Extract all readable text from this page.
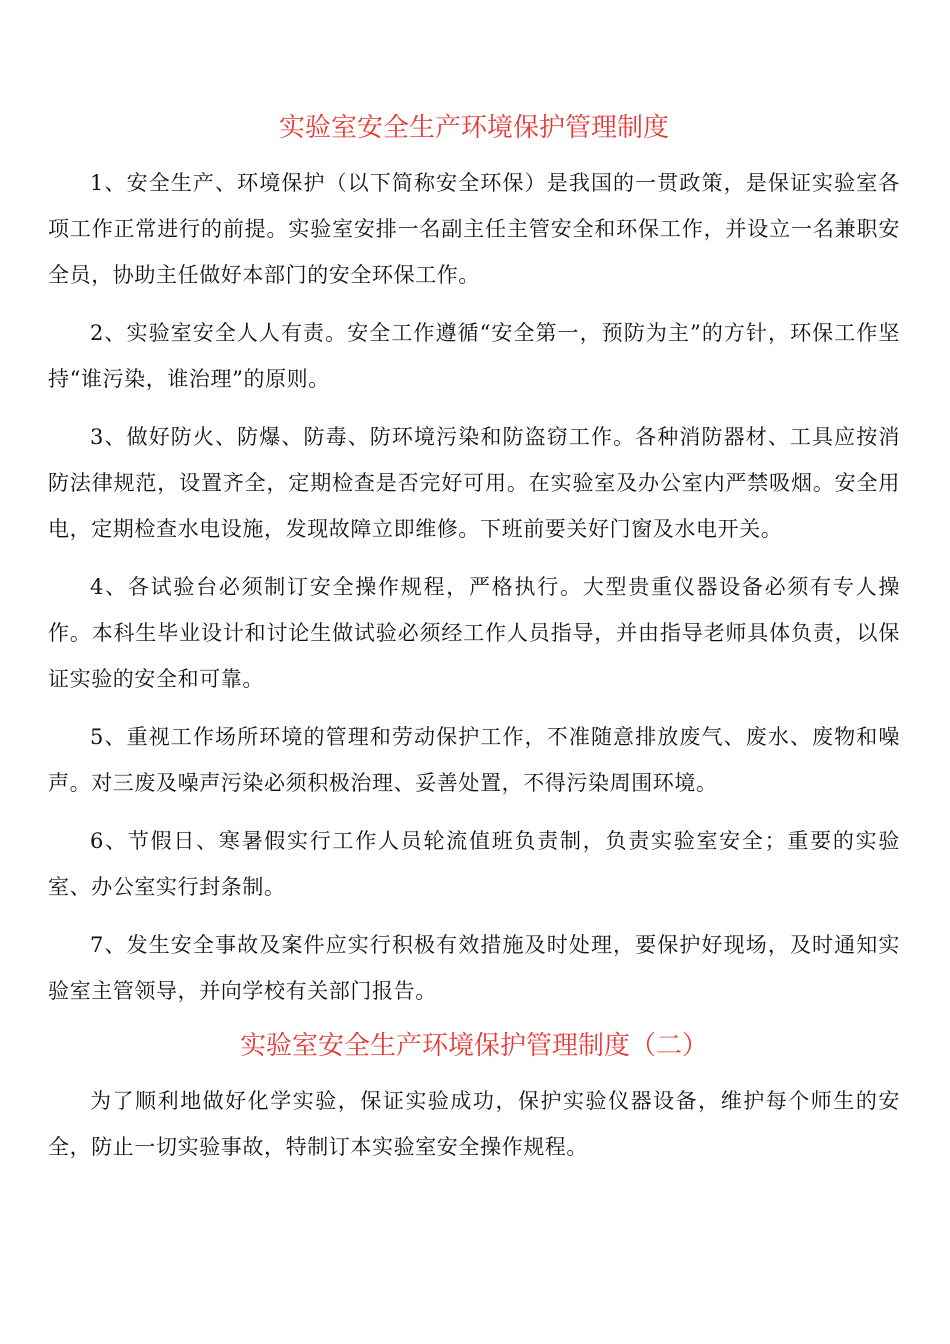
实验室安全生产环境保护管理制度

1、安全生产、环境保护（以下简称安全环保）是我国的一贯政策，是保证实验室各项工作正常进行的前提。实验室安排一名副主任主管安全和环保工作，并设立一名兼职安全员，协助主任做好本部门的安全环保工作。

2、实验室安全人人有责。安全工作遵循“安全第一，预防为主”的方针，环保工作坚持“谁污染，谁治理”的原则。

3、做好防火、防爆、防毒、防环境污染和防盗窃工作。各种消防器材、工具应按消防法律规范，设置齐全，定期检查是否完好可用。在实验室及办公室内严禁吸烟。安全用电，定期检查水电设施，发现故障立即维修。下班前要关好门窗及水电开关。

4、各试验台必须制订安全操作规程，严格执行。大型贵重仪器设备必须有专人操作。本科生毕业设计和讨论生做试验必须经工作人员指导，并由指导老师具体负责，以保证实验的安全和可靠。

5、重视工作场所环境的管理和劳动保护工作，不准随意排放废气、废水、废物和噪声。对三废及噪声污染必须积极治理、妥善处置，不得污染周围环境。

6、节假日、寒暑假实行工作人员轮流值班负责制，负责实验室安全；重要的实验室、办公室实行封条制。

7、发生安全事故及案件应实行积极有效措施及时处理，要保护好现场，及时通知实验室主管领导，并向学校有关部门报告。

实验室安全生产环境保护管理制度（二）

为了顺利地做好化学实验，保证实验成功，保护实验仪器设备，维护每个师生的安全，防止一切实验事故，特制订本实验室安全操作规程。
